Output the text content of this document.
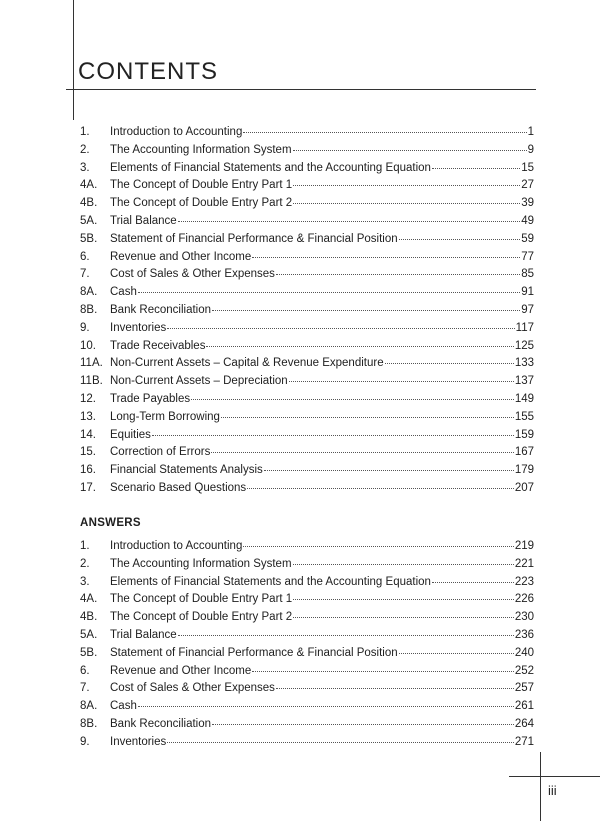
CONTENTS
1.	Introduction to Accounting	1
2.	The Accounting Information System	9
3.	Elements of Financial Statements and the Accounting Equation	15
4A.	The Concept of Double Entry Part 1	27
4B.	The Concept of Double Entry Part 2	39
5A.	Trial Balance	49
5B.	Statement of Financial Performance & Financial Position	59
6.	Revenue and Other Income	77
7.	Cost of Sales & Other Expenses	85
8A.	Cash	91
8B.	Bank Reconciliation	97
9.	Inventories	117
10.	Trade Receivables	125
11A. Non-Current Assets – Capital & Revenue Expenditure	133
11B. Non-Current Assets – Depreciation	137
12.	Trade Payables	149
13.	Long-Term Borrowing	155
14.	Equities	159
15.	Correction of Errors	167
16.	Financial Statements Analysis	179
17.	Scenario Based Questions	207
ANSWERS
1.	Introduction to Accounting	219
2.	The Accounting Information System	221
3.	Elements of Financial Statements and the Accounting Equation	223
4A.	The Concept of Double Entry Part 1	226
4B.	The Concept of Double Entry Part 2	230
5A.	Trial Balance	236
5B.	Statement of Financial Performance & Financial Position	240
6.	Revenue and Other Income	252
7.	Cost of Sales & Other Expenses	257
8A.	Cash	261
8B.	Bank Reconciliation	264
9.	Inventories	271
iii
